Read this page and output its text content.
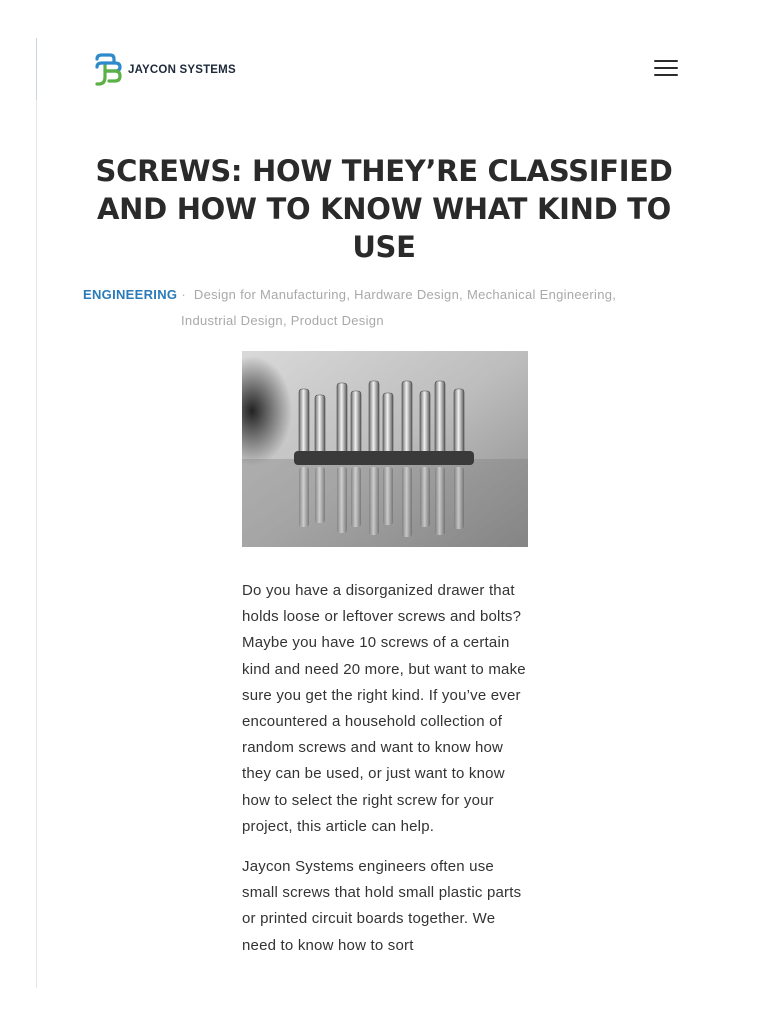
JAYCON SYSTEMS
SCREWS: HOW THEY’RE CLASSIFIED AND HOW TO KNOW WHAT KIND TO USE
ENGINEERING · Design for Manufacturing, Hardware Design, Mechanical Engineering,
Industrial Design, Product Design

Do you have a disorganized drawer that holds loose or leftover screws and bolts? Maybe you have 10 screws of a certain kind and need 20 more, but want to make sure you get the right kind. If you’ve ever encountered a household collection of random screws and want to know how they can be used, or just want to know how to select the right screw for your project, this article can help.

Jaycon Systems engineers often use small screws that hold small plastic parts or printed circuit boards together. We need to know how to sort
